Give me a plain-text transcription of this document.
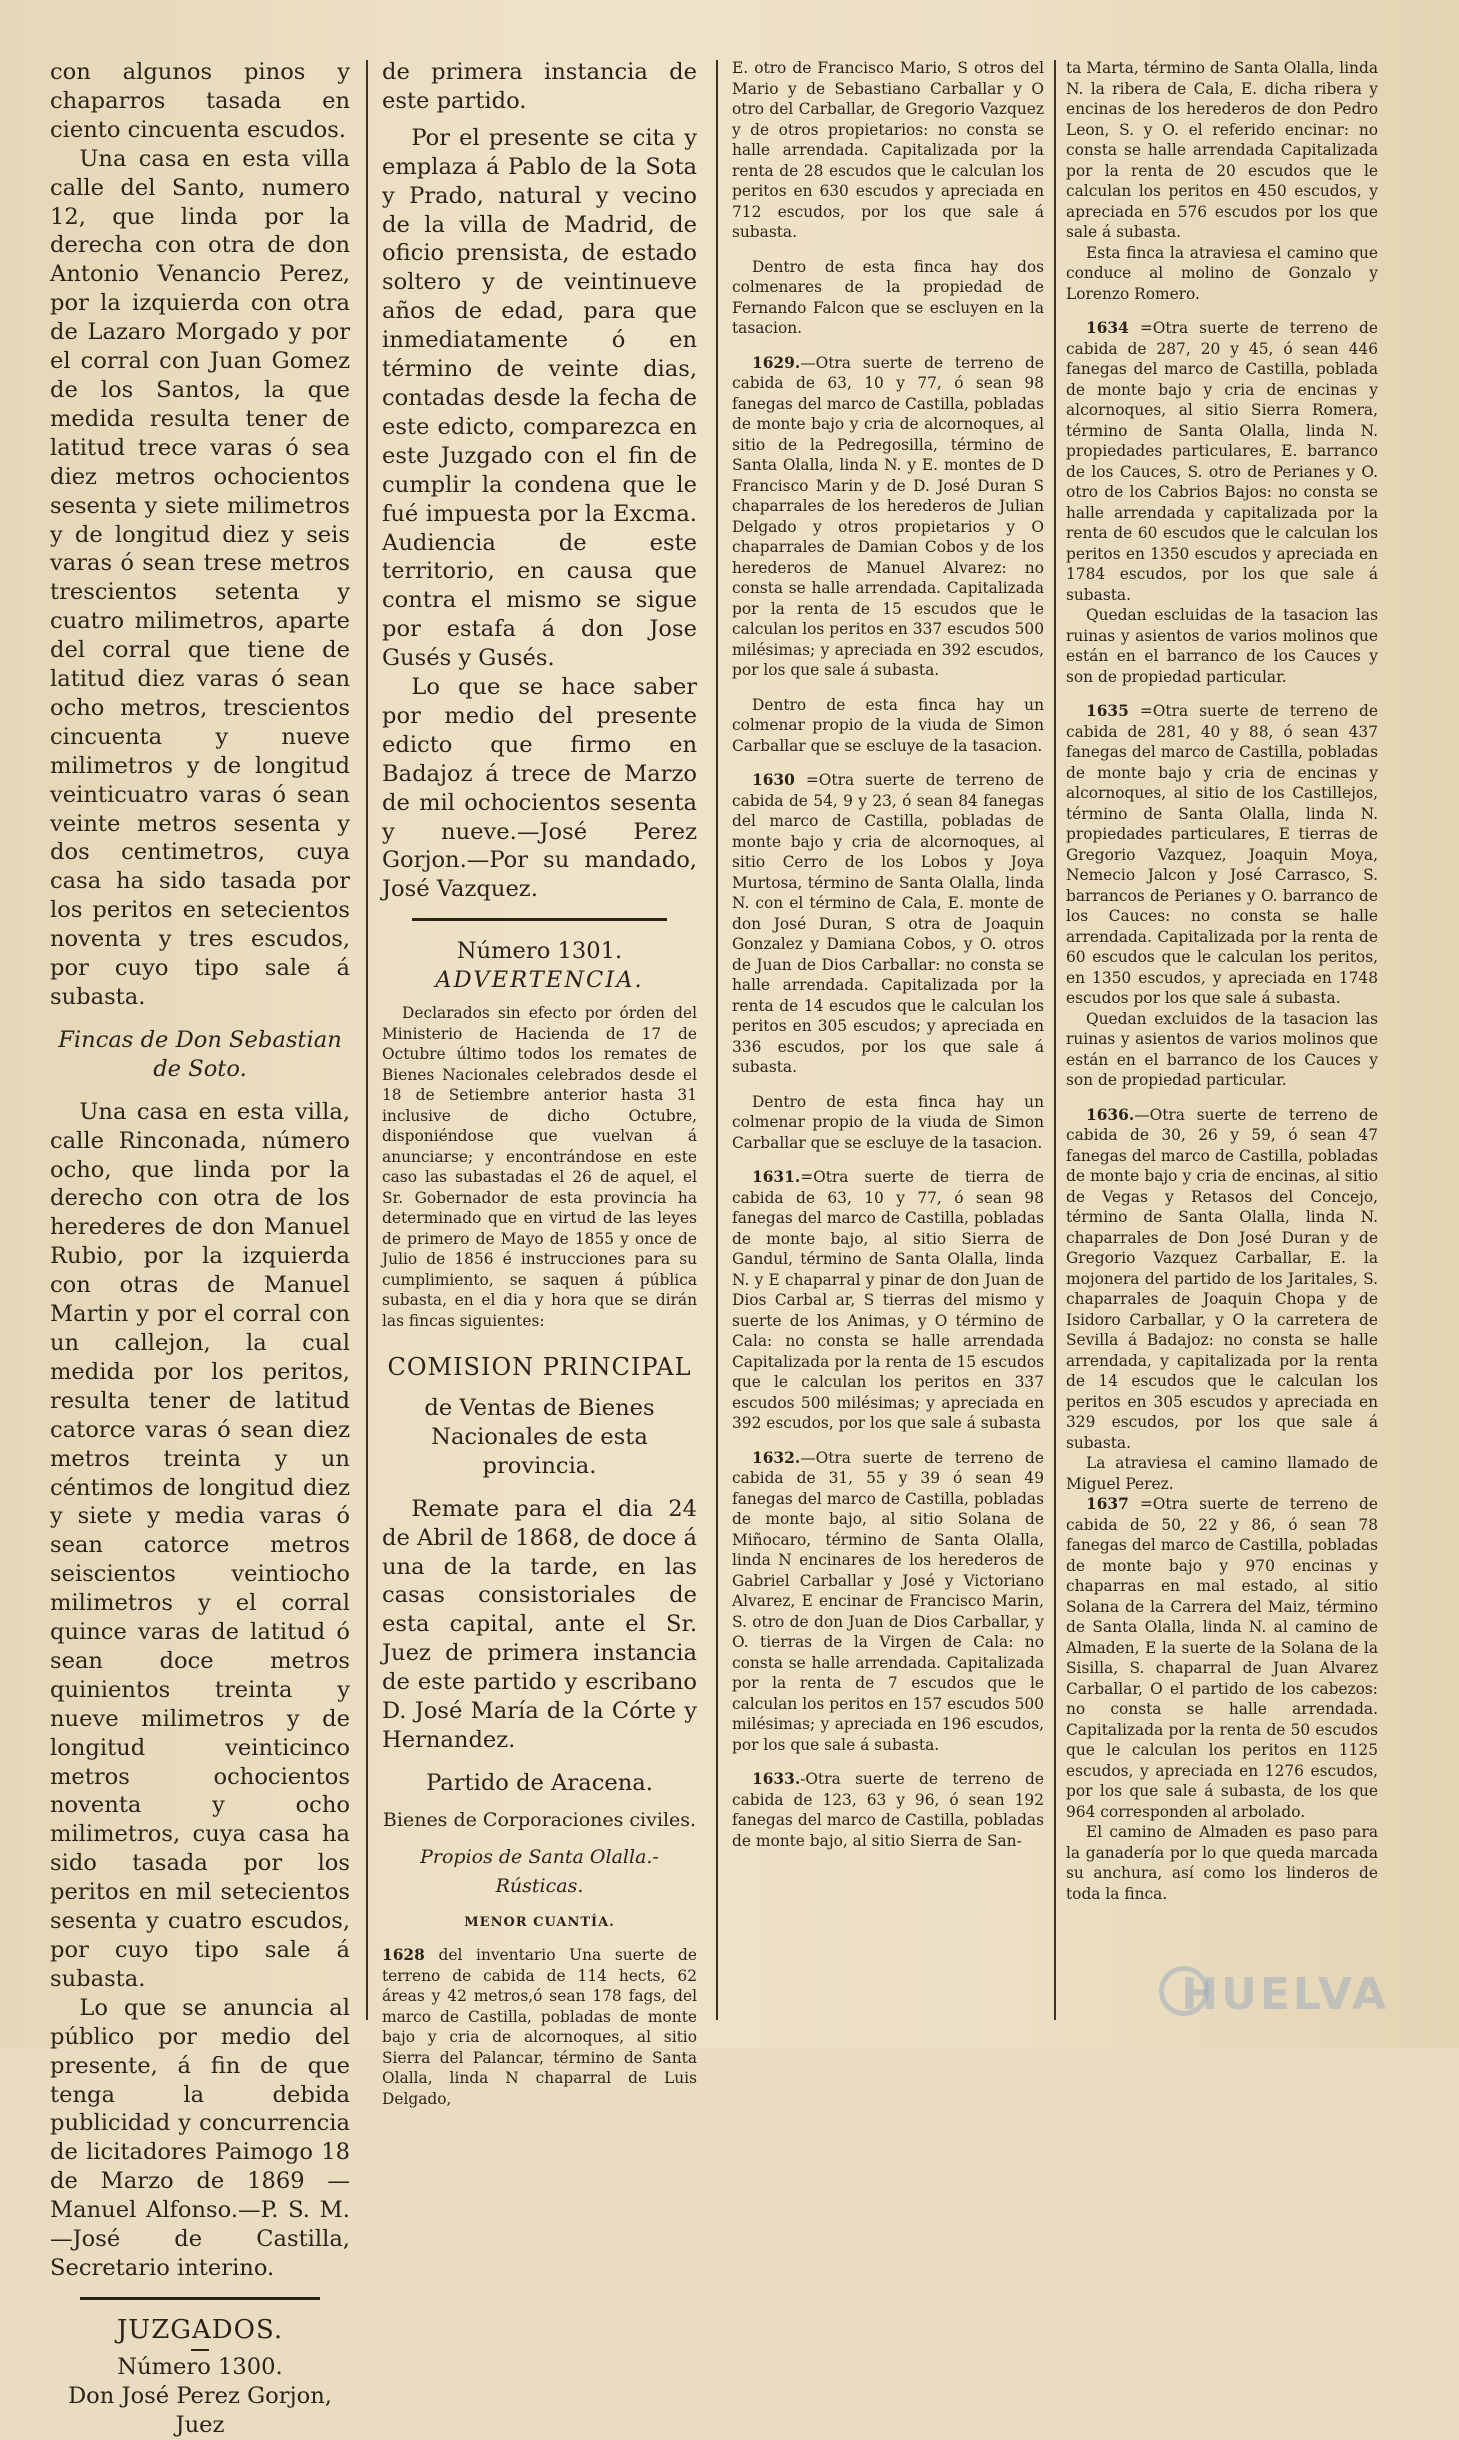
con algunos pinos y chaparros tasada en ciento cincuenta escudos.

Una casa en esta villa calle del Santo, numero 12, que linda por la derecha con otra de don Antonio Venancio Perez, por la izquierda con otra de Lazaro Morgado y por el corral con Juan Gomez de los Santos, la que medida resulta tener de latitud trece varas ó sea diez metros ochocientos sesenta y siete milimetros y de longitud diez y seis varas ó sean trese metros trescientos setenta y cuatro milimetros, aparte del corral que tiene de latitud diez varas ó sean ocho metros, trescientos cincuenta y nueve milimetros y de longitud veinticuatro varas ó sean veinte metros sesenta y dos centimetros, cuya casa ha sido tasada por los peritos en setecientos noventa y tres escudos, por cuyo tipo sale á subasta.

Fincas de Don Sebastian de Soto.

Una casa en esta villa, calle Rinconada, número ocho, que linda por la derecho con otra de los herederes de don Manuel Rubio, por la izquierda con otras de Manuel Martin y por el corral con un callejon, la cual medida por los peritos, resulta tener de latitud catorce varas ó sean diez metros treinta y un céntimos de longitud diez y siete y media varas ó sean catorce metros seiscientos veintiocho milimetros y el corral quince varas de latitud ó sean doce metros quinientos treinta y nueve milimetros y de longitud veinticinco metros ochocientos noventa y ocho milimetros, cuya casa ha sido tasada por los peritos en mil setecientos sesenta y cuatro escudos, por cuyo tipo sale á subasta.

Lo que se anuncia al público por medio del presente, á fin de que tenga la debida publicidad y concurrencia de licitadores Paimogo 18 de Marzo de 1869 —Manuel Alfonso.—P. S. M.—José de Castilla, Secretario interino.

JUZGADOS.

Número 1300.

Don José Perez Gorjon, Juez

de primera instancia de este partido.

Por el presente se cita y emplaza á Pablo de la Sota y Prado, natural y vecino de la villa de Madrid, de oficio prensista, de estado soltero y de veintinueve años de edad, para que inmediatamente ó en término de veinte dias, contadas desde la fecha de este edicto, comparezca en este Juzgado con el fin de cumplir la condena que le fué impuesta por la Excma. Audiencia de este territorio, en causa que contra el mismo se sigue por estafa á don Jose Gusés y Gusés.

Lo que se hace saber por medio del presente edicto que firmo en Badajoz á trece de Marzo de mil ochocientos sesenta y nueve.—José Perez Gorjon.—Por su mandado, José Vazquez.

Número 1301.

ADVERTENCIA.

Declarados sin efecto por órden del Ministerio de Hacienda de 17 de Octubre último todos los remates de Bienes Nacionales celebrados desde el 18 de Setiembre anterior hasta 31 inclusive de dicho Octubre, disponiéndose que vuelvan á anunciarse; y encontrándose en este caso las subastadas el 26 de aquel, el Sr. Gobernador de esta provincia ha determinado que en virtud de las leyes de primero de Mayo de 1855 y once de Julio de 1856 é instrucciones para su cumplimiento, se saquen á pública subasta, en el dia y hora que se dirán las fincas siguientes:

COMISION PRINCIPAL

de Ventas de Bienes Nacionales de esta provincia.

Remate para el dia 24 de Abril de 1868, de doce á una de la tarde, en las casas consistoriales de esta capital, ante el Sr. Juez de primera instancia de este partido y escribano D. José María de la Córte y Hernandez.

Partido de Aracena.

Bienes de Corporaciones civiles.

Propios de Santa Olalla.-Rústicas.

MENOR CUANTÍA.

1628 del inventario Una suerte de terreno de cabida de 114 hects, 62 áreas y 42 metros,ó sean 178 fags, del marco de Castilla, pobladas de monte bajo y cria de alcornoques, al sitio Sierra del Palancar, término de Santa Olalla, linda N chaparral de Luis Delgado,

E. otro de Francisco Mario, S otros del Mario y de Sebastiano Carballar y O otro del Carballar, de Gregorio Vazquez y de otros propietarios: no consta se halle arrendada. Capitalizada por la renta de 28 escudos que le calculan los peritos en 630 escudos y apreciada en 712 escudos, por los que sale á subasta.

Dentro de esta finca hay dos colmenares de la propiedad de Fernando Falcon que se escluyen en la tasacion.

1629.—Otra suerte de terreno de cabida de 63, 10 y 77, ó sean 98 fanegas del marco de Castilla, pobladas de monte bajo y cria de alcornoques, al sitio de la Pedregosilla, término de Santa Olalla, linda N. y E. montes de D Francisco Marin y de D. José Duran S chaparrales de los herederos de Julian Delgado y otros propietarios y O chaparrales de Damian Cobos y de los herederos de Manuel Alvarez: no consta se halle arrendada. Capitalizada por la renta de 15 escudos que le calculan los peritos en 337 escudos 500 milésimas; y apreciada en 392 escudos, por los que sale á subasta.

Dentro de esta finca hay un colmenar propio de la viuda de Simon Carballar que se escluye de la tasacion.

1630 =Otra suerte de terreno de cabida de 54, 9 y 23, ó sean 84 fanegas del marco de Castilla, pobladas de monte bajo y cria de alcornoques, al sitio Cerro de los Lobos y Joya Murtosa, término de Santa Olalla, linda N. con el término de Cala, E. monte de don José Duran, S otra de Joaquin Gonzalez y Damiana Cobos, y O. otros de Juan de Dios Carballar: no consta se halle arrendada. Capitalizada por la renta de 14 escudos que le calculan los peritos en 305 escudos; y apreciada en 336 escudos, por los que sale á subasta.

Dentro de esta finca hay un colmenar propio de la viuda de Simon Carballar que se escluye de la tasacion.

1631.=Otra suerte de tierra de cabida de 63, 10 y 77, ó sean 98 fanegas del marco de Castilla, pobladas de monte bajo, al sitio Sierra de Gandul, término de Santa Olalla, linda N. y E chaparral y pinar de don Juan de Dios Carbal ar, S tierras del mismo y suerte de los Animas, y O término de Cala: no consta se halle arrendada Capitalizada por la renta de 15 escudos que le calculan los peritos en 337 escudos 500 milésimas; y apreciada en 392 escudos, por los que sale á subasta

1632.—Otra suerte de terreno de cabida de 31, 55 y 39 ó sean 49 fanegas del marco de Castilla, pobladas de monte bajo, al sitio Solana de Miñocaro, término de Santa Olalla, linda N encinares de los herederos de Gabriel Carballar y José y Victoriano Alvarez, E encinar de Francisco Marin, S. otro de don Juan de Dios Carballar, y O. tierras de la Virgen de Cala: no consta se halle arrendada. Capitalizada por la renta de 7 escudos que le calculan los peritos en 157 escudos 500 milésimas; y apreciada en 196 escudos, por los que sale á subasta.

1633.-Otra suerte de terreno de cabida de 123, 63 y 96, ó sean 192 fanegas del marco de Castilla, pobladas de monte bajo, al sitio Sierra de San-

ta Marta, término de Santa Olalla, linda N. la ribera de Cala, E. dicha ribera y encinas de los herederos de don Pedro Leon, S. y O. el referido encinar: no consta se halle arrendada Capitalizada por la renta de 20 escudos que le calculan los peritos en 450 escudos, y apreciada en 576 escudos por los que sale á subasta.

Esta finca la atraviesa el camino que conduce al molino de Gonzalo y Lorenzo Romero.

1634 =Otra suerte de terreno de cabida de 287, 20 y 45, ó sean 446 fanegas del marco de Castilla, poblada de monte bajo y cria de encinas y alcornoques, al sitio Sierra Romera, término de Santa Olalla, linda N. propiedades particulares, E. barranco de los Cauces, S. otro de Perianes y O. otro de los Cabrios Bajos: no consta se halle arrendada y capitalizada por la renta de 60 escudos que le calculan los peritos en 1350 escudos y apreciada en 1784 escudos, por los que sale á subasta.

Quedan escluidas de la tasacion las ruinas y asientos de varios molinos que están en el barranco de los Cauces y son de propiedad particular.

1635 =Otra suerte de terreno de cabida de 281, 40 y 88, ó sean 437 fanegas del marco de Castilla, pobladas de monte bajo y cria de encinas y alcornoques, al sitio de los Castillejos, término de Santa Olalla, linda N. propiedades particulares, E tierras de Gregorio Vazquez, Joaquin Moya, Nemecio Jalcon y José Carrasco, S. barrancos de Perianes y O. barranco de los Cauces: no consta se halle arrendada. Capitalizada por la renta de 60 escudos que le calculan los peritos, en 1350 escudos, y apreciada en 1748 escudos por los que sale á subasta.

Quedan excluidos de la tasacion las ruinas y asientos de varios molinos que están en el barranco de los Cauces y son de propiedad particular.

1636.—Otra suerte de terreno de cabida de 30, 26 y 59, ó sean 47 fanegas del marco de Castilla, pobladas de monte bajo y cria de encinas, al sitio de Vegas y Retasos del Concejo, término de Santa Olalla, linda N. chaparrales de Don José Duran y de Gregorio Vazquez Carballar, E. la mojonera del partido de los Jaritales, S. chaparrales de Joaquin Chopa y de Isidoro Carballar, y O la carretera de Sevilla á Badajoz: no consta se halle arrendada, y capitalizada por la renta de 14 escudos que le calculan los peritos en 305 escudos y apreciada en 329 escudos, por los que sale á subasta.

La atraviesa el camino llamado de Miguel Perez.

1637 =Otra suerte de terreno de cabida de 50, 22 y 86, ó sean 78 fanegas del marco de Castilla, pobladas de monte bajo y 970 encinas y chaparras en mal estado, al sitio Solana de la Carrera del Maiz, término de Santa Olalla, linda N. al camino de Almaden, E la suerte de la Solana de la Sisilla, S. chaparral de Juan Alvarez Carballar, O el partido de los cabezos: no consta se halle arrendada. Capitalizada por la renta de 50 escudos que le calculan los peritos en 1125 escudos, y apreciada en 1276 escudos, por los que sale á subasta, de los que 964 corresponden al arbolado.

El camino de Almaden es paso para la ganadería por lo que queda marcada su anchura, así como los linderos de toda la finca.

HUELVA
